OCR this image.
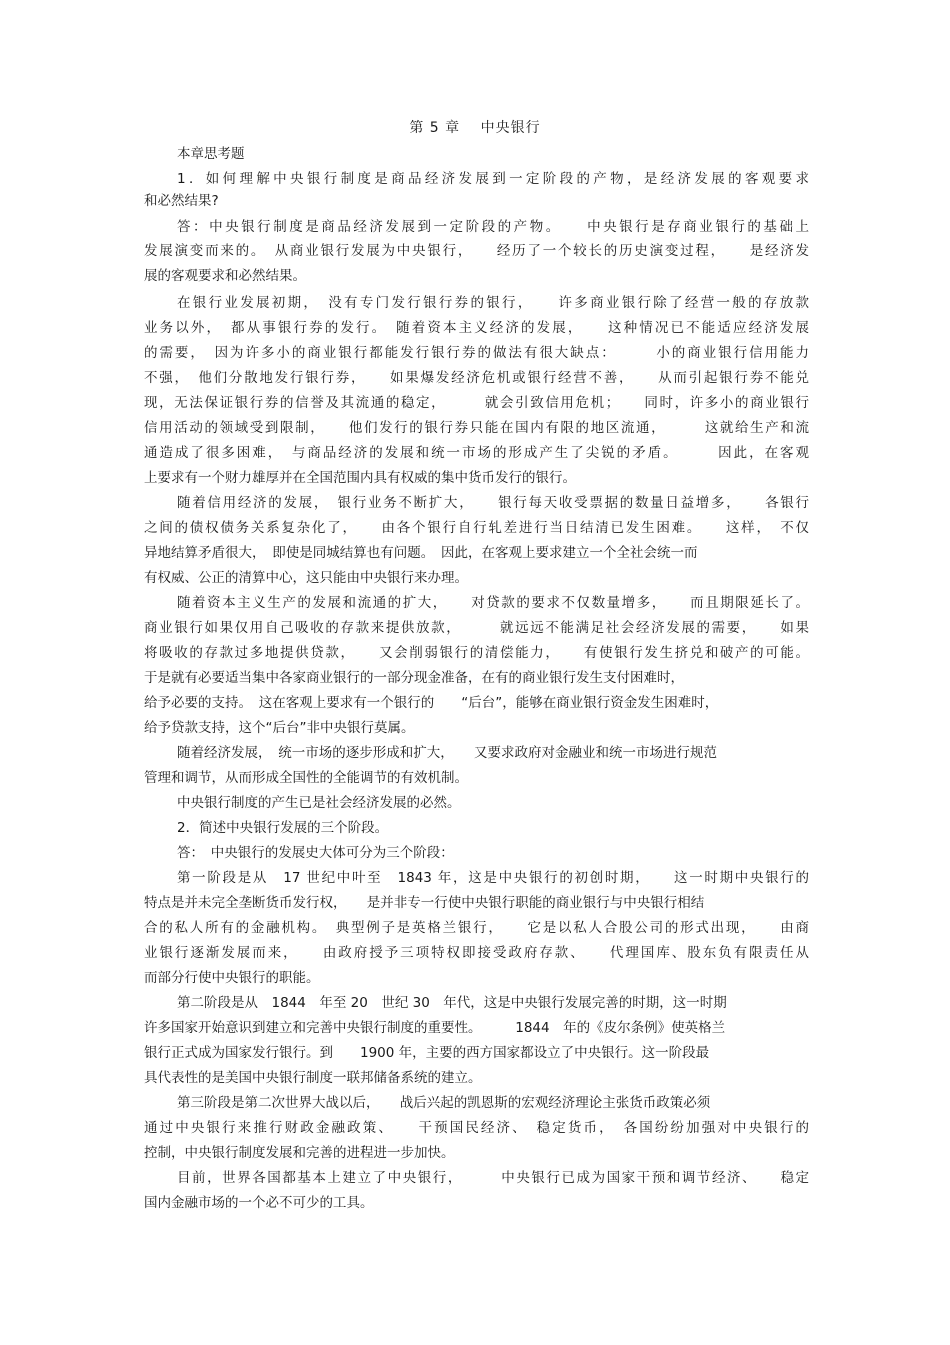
第 5 章　 中央银行
本章思考题
1．如何理解中央银行制度是商品经济发展到一定阶段的产物，是经济发展的客观要求
和必然结果?
答：中央银行制度是商品经济发展到一定阶段的产物。　　中央银行是存商业银行的基础上
发展演变而来的。　从商业银行发展为中央银行，　　经历了一个较长的历史演变过程，　　是经济发
展的客观要求和必然结果。
在银行业发展初期，　没有专门发行银行券的银行，　　许多商业银行除了经营一般的存放款
业务以外，　都从事银行券的发行。　随着资本主义经济的发展，　　这种情况已不能适应经济发展
的需要，　因为许多小的商业银行都能发行银行券的做法有很大缺点：　　　小的商业银行信用能力
不强，　他们分散地发行银行券，　　如果爆发经济危机或银行经营不善，　　从而引起银行券不能兑
现，无法保证银行券的信誉及其流通的稳定，　　　就会引致信用危机；　　同时，许多小的商业银行
信用活动的领域受到限制，　　他们发行的银行券只能在国内有限的地区流通，　　　这就给生产和流
通造成了很多困难，　与商品经济的发展和统一市场的形成产生了尖锐的矛盾。　　　因此，在客观
上要求有一个财力雄厚并在全国范围内具有权威的集中货币发行的银行。
随着信用经济的发展，　银行业务不断扩大，　　银行每天收受票据的数量日益增多，　　各银行
之间的债权债务关系复杂化了，　　由各个银行自行轧差进行当日结清已发生困难。　　这样，　不仅
异地结算矛盾很大，　即使是同城结算也有问题。　因此，在客观上要求建立一个全社会统一而
有权威、公正的清算中心，这只能由中央银行来办理。
随着资本主义生产的发展和流通的扩大，　　对贷款的要求不仅数量增多，　　而且期限延长了。
商业银行如果仅用自己吸收的存款来提供放款，　　　就远远不能满足社会经济发展的需要，　　如果
将吸收的存款过多地提供贷款，　　又会削弱银行的清偿能力，　　有使银行发生挤兑和破产的可能。
于是就有必要适当集中各家商业银行的一部分现金准备，在有的商业银行发生支付困难时，
给予必要的支持。　这在客观上要求有一个银行的　　“后台”，能够在商业银行资金发生困难时，
给予贷款支持，这个“后台”非中央银行莫属。
随着经济发展，　统一市场的逐步形成和扩大，　　又要求政府对金融业和统一市场进行规范
管理和调节，从而形成全国性的全能调节的有效机制。
中央银行制度的产生已是社会经济发展的必然。
2．简述中央银行发展的三个阶段。
答：　中央银行的发展史大体可分为三个阶段：
第一阶段是从　17 世纪中叶至　1843 年，这是中央银行的初创时期，　　这一时期中央银行的
特点是并未完全垄断货币发行权，　　是并非专一行使中央银行职能的商业银行与中央银行相结
合的私人所有的金融机构。　典型例子是英格兰银行，　　它是以私人合股公司的形式出现，　　由商
业银行逐渐发展而来，　　由政府授予三项特权即接受政府存款、　　代理国库、股东负有限责任从
而部分行使中央银行的职能。
第二阶段是从　1844　年至 20　世纪 30　年代，这是中央银行发展完善的时期，这一时期
许多国家开始意识到建立和完善中央银行制度的重要性。　　　1844　年的《皮尔条例》使英格兰
银行正式成为国家发行银行。到　　1900 年，主要的西方国家都设立了中央银行。这一阶段最
具代表性的是美国中央银行制度一联邦储备系统的建立。
第三阶段是第二次世界大战以后，　　战后兴起的凯恩斯的宏观经济理论主张货币政策必须
通过中央银行来推行财政金融政策、　　干预国民经济、　稳定货币，　各国纷纷加强对中央银行的
控制，中央银行制度发展和完善的进程进一步加快。
目前，世界各国都基本上建立了中央银行，　　　中央银行已成为国家干预和调节经济、　　稳定
国内金融市场的一个必不可少的工具。
